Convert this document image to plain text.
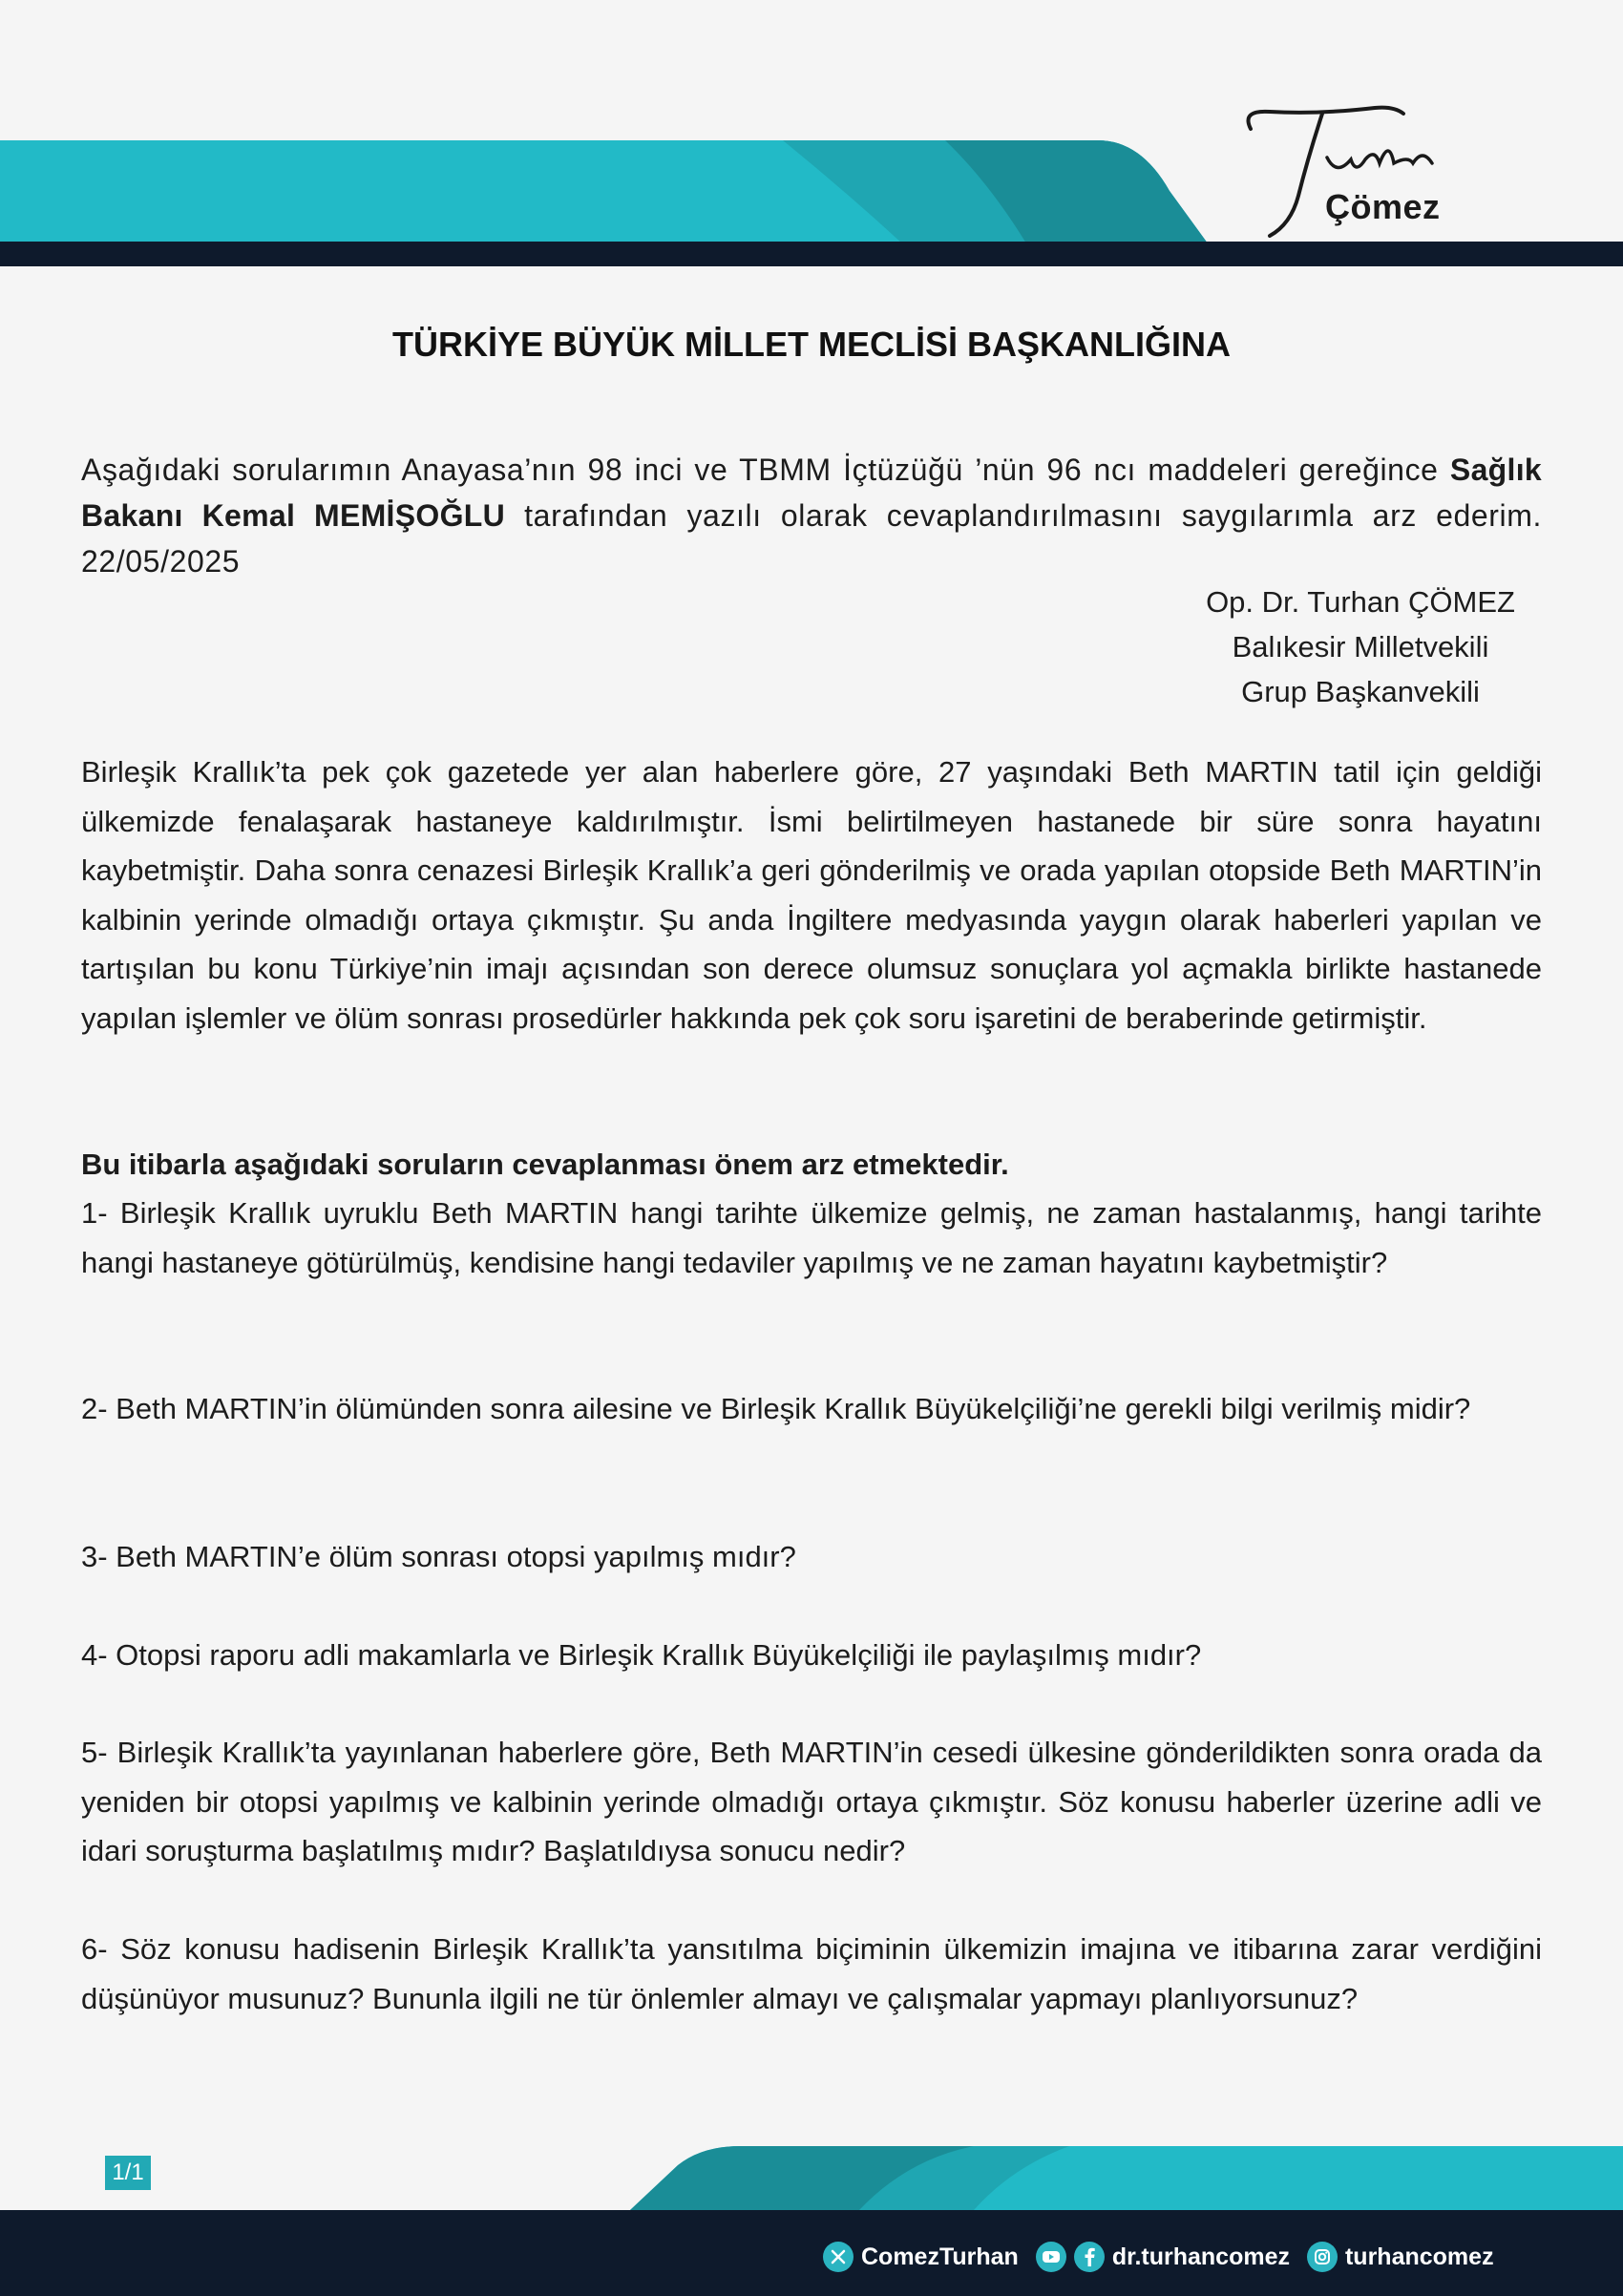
Çömez
TÜRKİYE BÜYÜK MİLLET MECLİSİ BAŞKANLIĞINA
Aşağıdaki sorularımın Anayasa’nın 98 inci ve TBMM İçtüzüğü ’nün 96 ncı maddeleri gereğince Sağlık Bakanı Kemal MEMİŞOĞLU tarafından yazılı olarak cevaplandırılmasını saygılarımla arz ederim. 22/05/2025
Op. Dr. Turhan ÇÖMEZ
Balıkesir Milletvekili
Grup Başkanvekili
Birleşik Krallık’ta pek çok gazetede yer alan haberlere göre, 27 yaşındaki Beth MARTIN tatil için geldiği ülkemizde fenalaşarak hastaneye kaldırılmıştır. İsmi belirtilmeyen hastanede bir süre sonra hayatını kaybetmiştir. Daha sonra cenazesi Birleşik Krallık’a geri gönderilmiş ve orada yapılan otopside Beth MARTIN’in kalbinin yerinde olmadığı ortaya çıkmıştır. Şu anda İngiltere medyasında yaygın olarak haberleri yapılan ve tartışılan bu konu Türkiye’nin imajı açısından son derece olumsuz sonuçlara yol açmakla birlikte hastanede yapılan işlemler ve ölüm sonrası prosedürler hakkında pek çok soru işaretini de beraberinde getirmiştir.
Bu itibarla aşağıdaki soruların cevaplanması önem arz etmektedir.
1- Birleşik Krallık uyruklu Beth MARTIN hangi tarihte ülkemize gelmiş, ne zaman hastalanmış, hangi tarihte hangi hastaneye götürülmüş, kendisine hangi tedaviler yapılmış ve ne zaman hayatını kaybetmiştir?
2- Beth MARTIN’in ölümünden sonra ailesine ve Birleşik Krallık Büyükelçiliği’ne gerekli bilgi verilmiş midir?
3- Beth MARTIN’e ölüm sonrası otopsi yapılmış mıdır?
4- Otopsi raporu adli makamlarla ve Birleşik Krallık Büyükelçiliği ile paylaşılmış mıdır?
5- Birleşik Krallık’ta yayınlanan haberlere göre, Beth MARTIN’in cesedi ülkesine gönderildikten sonra orada da yeniden bir otopsi yapılmış ve kalbinin yerinde olmadığı ortaya çıkmıştır. Söz konusu haberler üzerine adli ve idari soruşturma başlatılmış mıdır? Başlatıldıysa sonucu nedir?
6- Söz konusu hadisenin Birleşik Krallık’ta yansıtılma biçiminin ülkemizin imajına ve itibarına zarar verdiğini düşünüyor musunuz? Bununla ilgili ne tür önlemler almayı ve çalışmalar yapmayı planlıyorsunuz?
1/1
ComezTurhan	dr.turhancomez turhancomez
